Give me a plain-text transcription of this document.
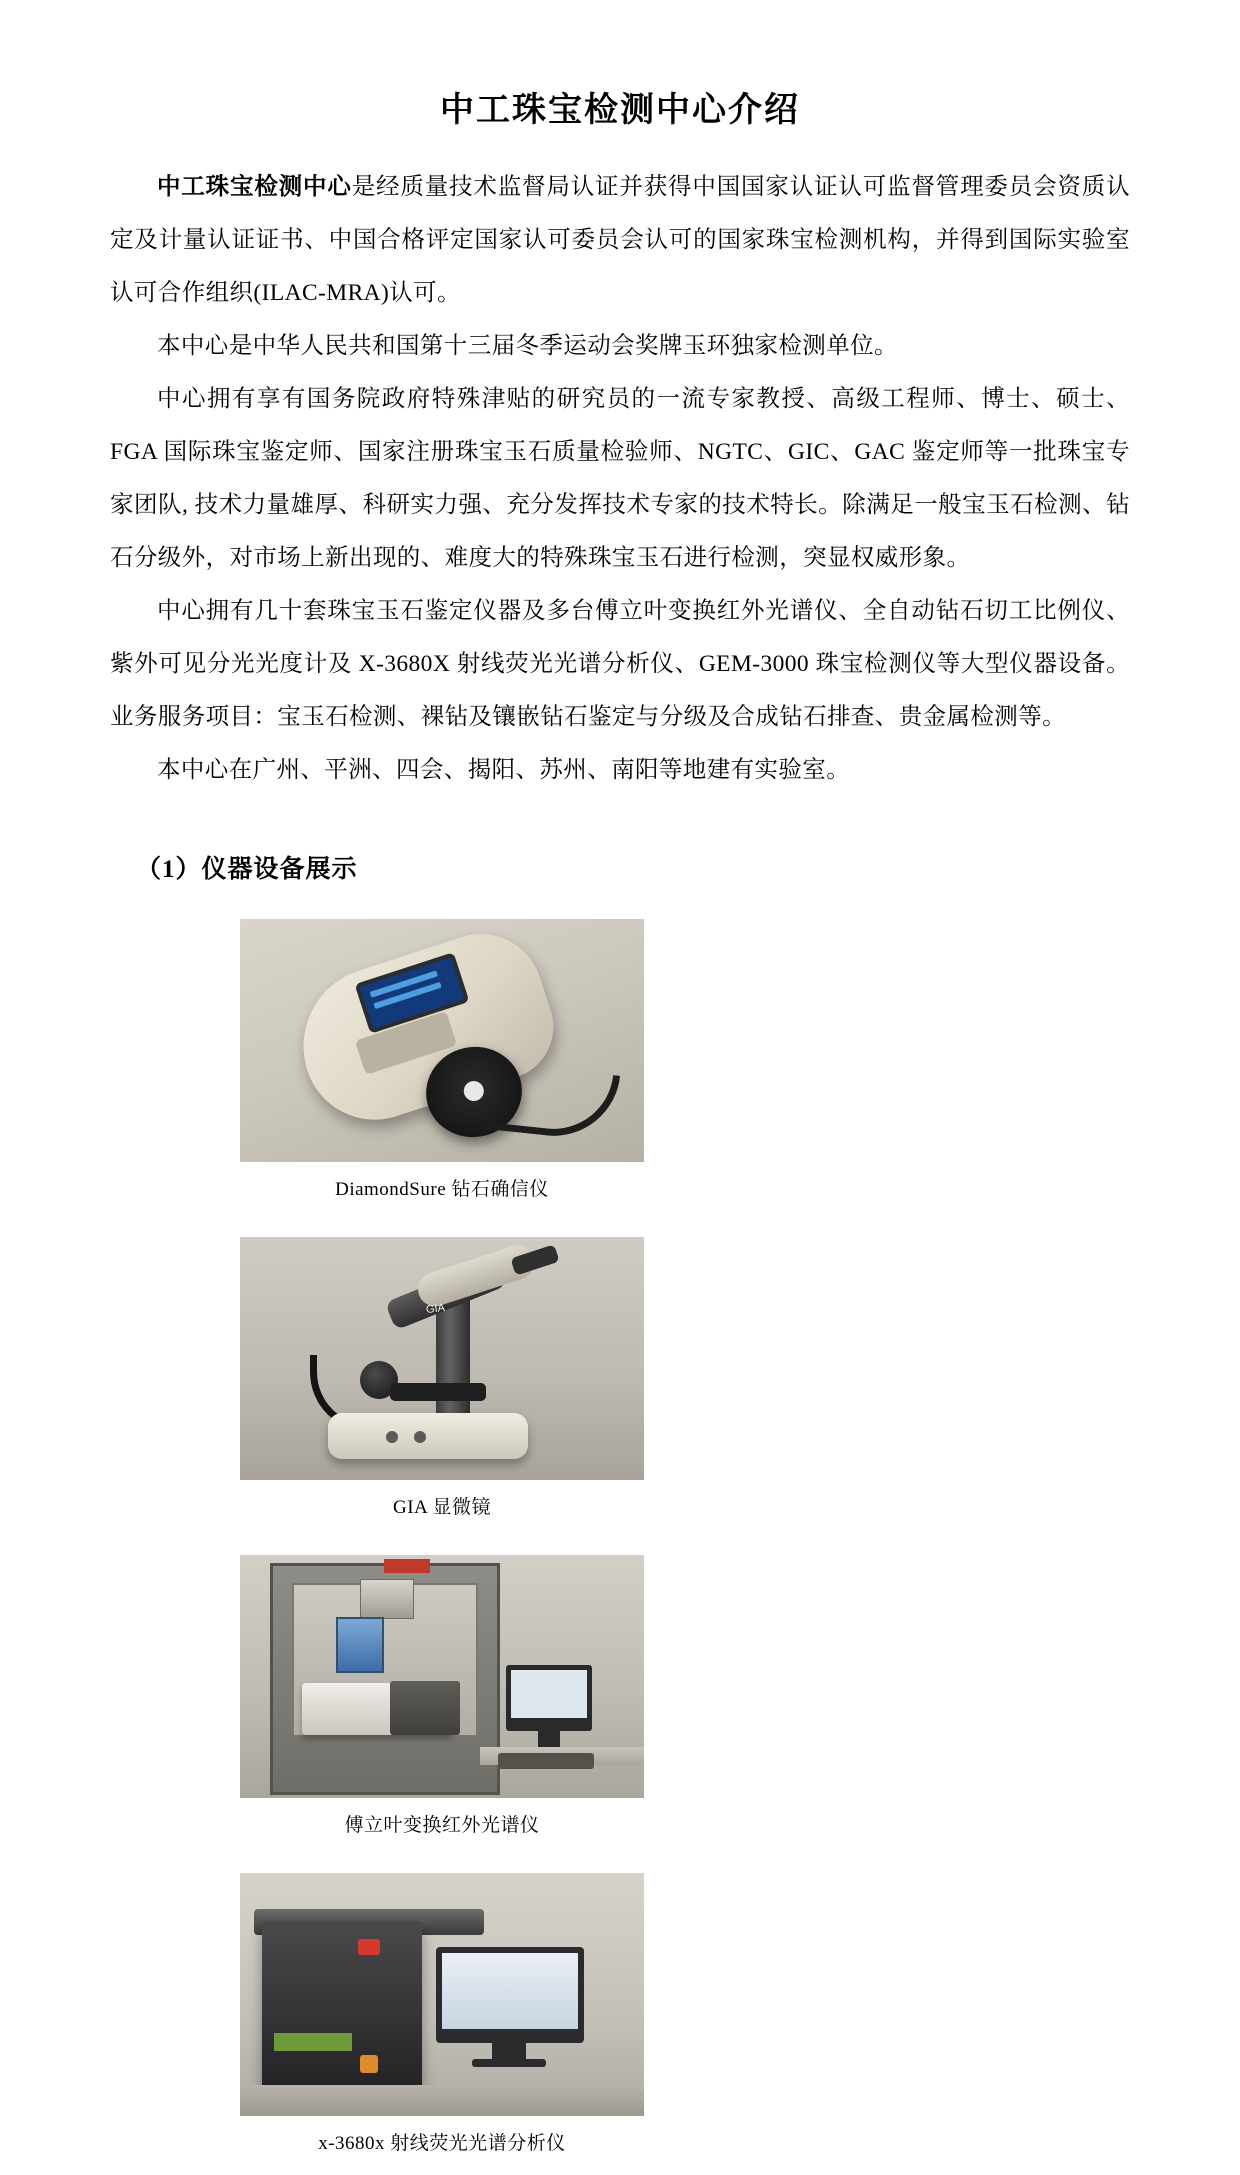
中工珠宝检测中心介绍

中工珠宝检测中心是经质量技术监督局认证并获得中国国家认证认可监督管理委员会资质认定及计量认证证书、中国合格评定国家认可委员会认可的国家珠宝检测机构，并得到国际实验室认可合作组织(ILAC-MRA)认可。

本中心是中华人民共和国第十三届冬季运动会奖牌玉环独家检测单位。

中心拥有享有国务院政府特殊津贴的研究员的一流专家教授、高级工程师、博士、硕士、FGA 国际珠宝鉴定师、国家注册珠宝玉石质量检验师、NGTC、GIC、GAC 鉴定师等一批珠宝专家团队, 技术力量雄厚、科研实力强、充分发挥技术专家的技术特长。除满足一般宝玉石检测、钻石分级外，对市场上新出现的、难度大的特殊珠宝玉石进行检测，突显权威形象。

中心拥有几十套珠宝玉石鉴定仪器及多台傅立叶变换红外光谱仪、全自动钻石切工比例仪、紫外可见分光光度计及 X‑3680X 射线荧光光谱分析仪、GEM‑3000 珠宝检测仪等大型仪器设备。业务服务项目：宝玉石检测、裸钻及镶嵌钻石鉴定与分级及合成钻石排查、贵金属检测等。

本中心在广州、平洲、四会、揭阳、苏州、南阳等地建有实验室。

（1）仪器设备展示
DiamondSure 钻石确信仪
GIA
GIA 显微镜
傅立叶变换红外光谱仪
x-3680x 射线荧光光谱分析仪
